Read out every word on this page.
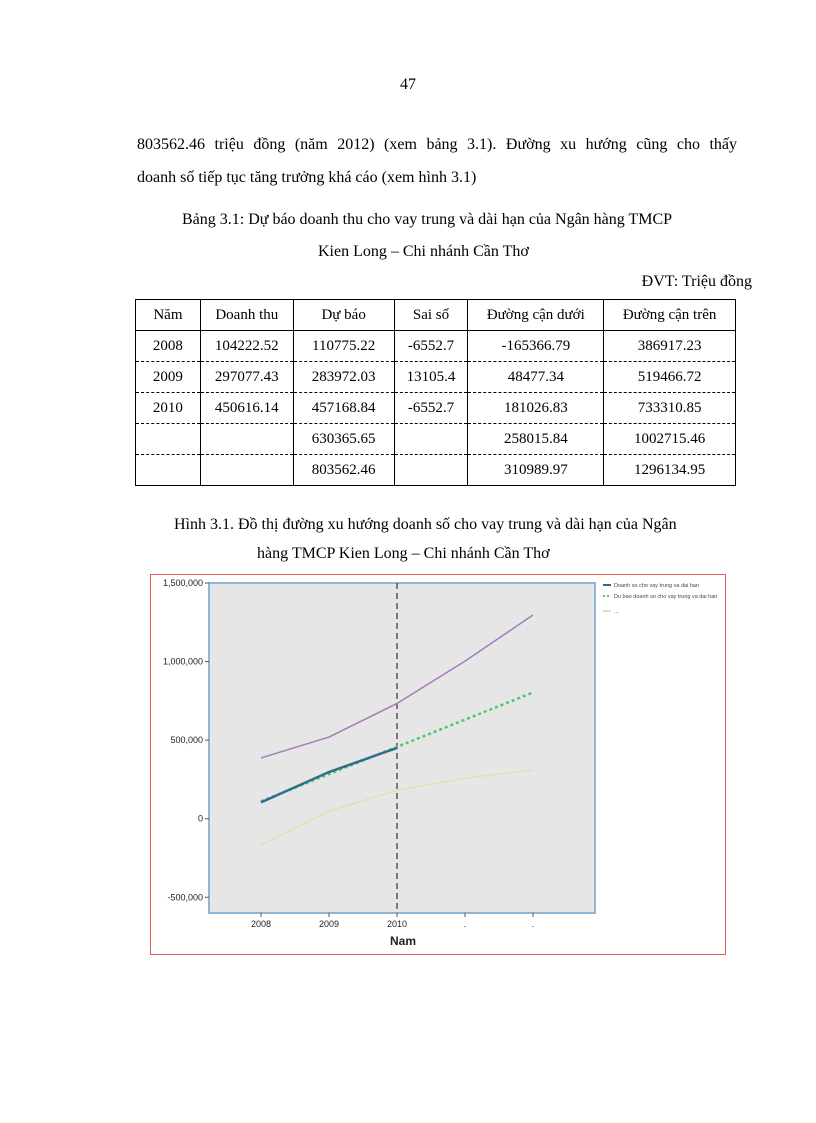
47
803562.46 triệu đồng (năm 2012) (xem bảng 3.1). Đường xu hướng cũng cho thấy
doanh số tiếp tục tăng trưởng khá cáo (xem hình 3.1)
Bảng 3.1: Dự báo doanh thu cho vay trung và dài hạn của Ngân hàng TMCP
Kien Long – Chi nhánh Cần Thơ
ĐVT: Triệu đồng
Năm	Doanh thu	Dự báo	Sai số	Đường cận dưới	Đường cận trên
2008	104222.52	110775.22	-6552.7	-165366.79	386917.23
2009	297077.43	283972.03	13105.4	48477.34	519466.72
2010	450616.14	457168.84	-6552.7	181026.83	733310.85
		630365.65		258015.84	1002715.46
		803562.46		310989.97	1296134.95
Hình 3.1. Đồ thị đường xu hướng doanh số cho vay trung và dài hạn của Ngân
hàng TMCP Kien Long – Chi nhánh Cần Thơ
-500,000
0
500,000
1,000,000
1,500,000
2008	2009	2010	.	.
Nam
Doanh so cho vay trung va dai han
Du bao doanh so cho vay trung va dai han
...
